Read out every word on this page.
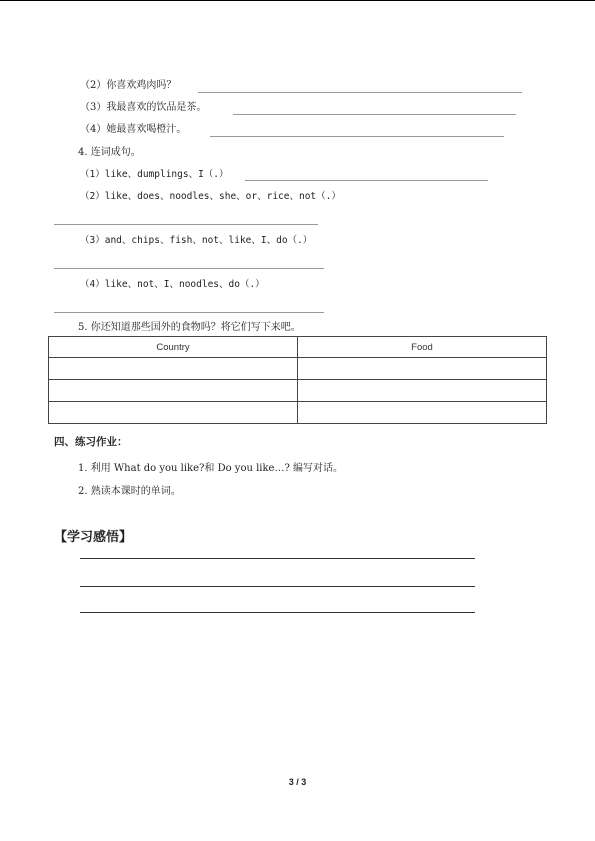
（2）你喜欢鸡肉吗？
（3）我最喜欢的饮品是茶。
（4）她最喜欢喝橙汁。
4. 连词成句。
（1）like、dumplings、I（.）
（2）like、does、noodles、she、or、rice、not（.）
（3）and、chips、fish、not、like、I、do（.）
（4）like、not、I、noodles、do（.）
5. 你还知道那些国外的食物吗？将它们写下来吧。
Country	Food

四、练习作业：
1. 利用 What do you like?和 Do you like…? 编写对话。
2. 熟读本课时的单词。
【学习感悟】
3 / 3
